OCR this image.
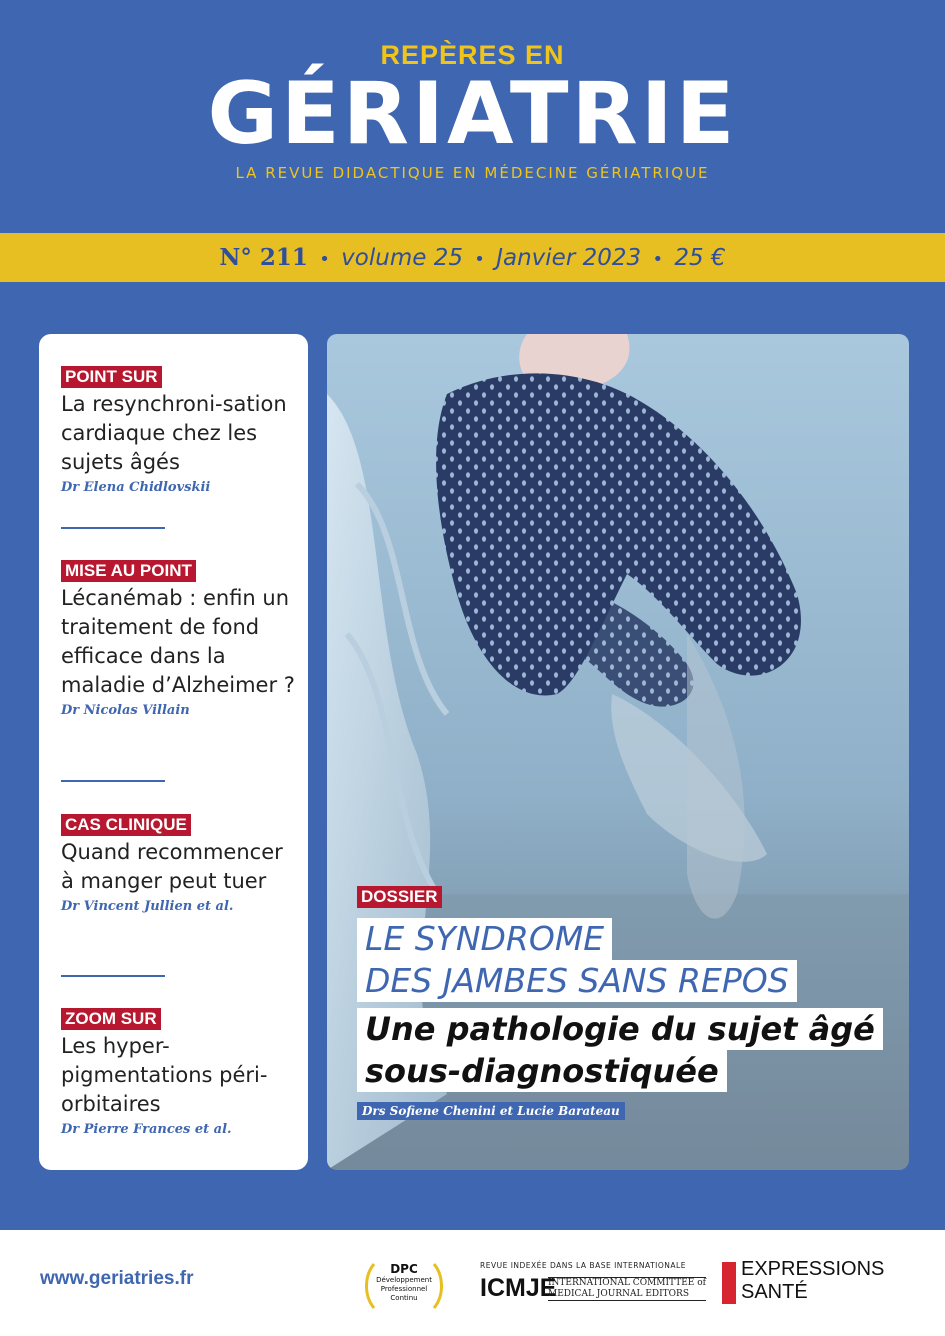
REPÈRES EN
GÉRIATRIE
LA REVUE DIDACTIQUE EN MÉDECINE GÉRIATRIQUE
N° 211 • volume 25 • Janvier 2023 • 25 €
POINT SUR
La resynchroni-sation cardiaque chez les sujets âgés
Dr Elena Chidlovskii
MISE AU POINT
Lécanémab : enfin un traitement de fond efficace dans la maladie d’Alzheimer ?
Dr Nicolas Villain
CAS CLINIQUE
Quand recommencer à manger peut tuer
Dr Vincent Jullien et al.
ZOOM SUR
Les hyper-pigmentations péri-orbitaires
Dr Pierre Frances et al.
DOSSIER
LE SYNDROME
DES JAMBES SANS REPOS
Une pathologie du sujet âgé
sous-diagnostiquée
Drs Sofiene Chenini et Lucie Barateau
www.geriatries.fr	DPC
Développement
Professionnel
Continu
REVUE INDEXÉE DANS LA BASE INTERNATIONALE
ICMJE
INTERNATIONAL COMMITTEE of
MEDICAL JOURNAL EDITORS
EXPRESSIONS
SANTÉ
